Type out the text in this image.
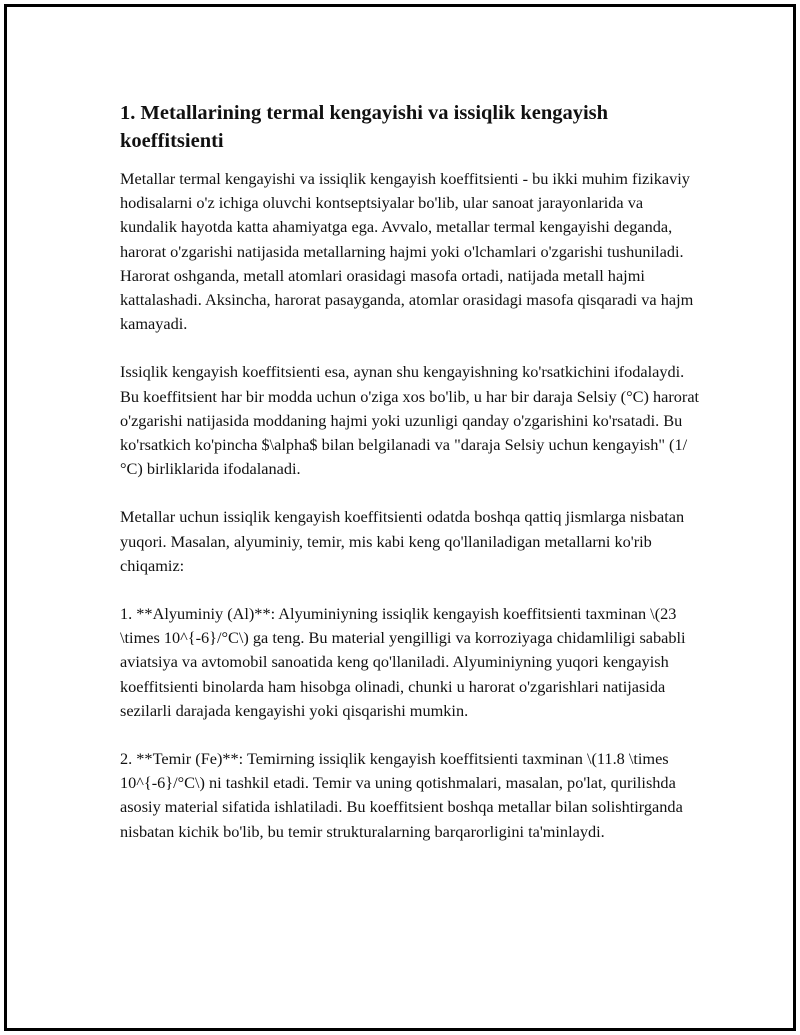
1. Metallarining termal kengayishi va issiqlik kengayish koeffitsienti

Metallar termal kengayishi va issiqlik kengayish koeffitsienti - bu ikki muhim fizikaviy hodisalarni o'z ichiga oluvchi kontseptsiyalar bo'lib, ular sanoat jarayonlarida va kundalik hayotda katta ahamiyatga ega. Avvalo, metallar termal kengayishi deganda, harorat o'zgarishi natijasida metallarning hajmi yoki o'lchamlari o'zgarishi tushuniladi. Harorat oshganda, metall atomlari orasidagi masofa ortadi, natijada metall hajmi kattalashadi. Aksincha, harorat pasayganda, atomlar orasidagi masofa qisqaradi va hajm kamayadi.

Issiqlik kengayish koeffitsienti esa, aynan shu kengayishning ko'rsatkichini ifodalaydi. Bu koeffitsient har bir modda uchun o'ziga xos bo'lib, u har bir daraja Selsiy (°C) harorat o'zgarishi natijasida moddaning hajmi yoki uzunligi qanday o'zgarishini ko'rsatadi. Bu ko'rsatkich ko'pincha $\alpha$ bilan belgilanadi va "daraja Selsiy uchun kengayish" (1/°C) birliklarida ifodalanadi.

Metallar uchun issiqlik kengayish koeffitsienti odatda boshqa qattiq jismlarga nisbatan yuqori. Masalan, alyuminiy, temir, mis kabi keng qo'llaniladigan metallarni ko'rib chiqamiz:

1. **Alyuminiy (Al)**: Alyuminiyning issiqlik kengayish koeffitsienti taxminan \(23 \times 10^{-6}/°C\) ga teng. Bu material yengilligi va korroziyaga chidamliligi sababli aviatsiya va avtomobil sanoatida keng qo'llaniladi. Alyuminiyning yuqori kengayish koeffitsienti binolarda ham hisobga olinadi, chunki u harorat o'zgarishlari natijasida sezilarli darajada kengayishi yoki qisqarishi mumkin.

2. **Temir (Fe)**: Temirning issiqlik kengayish koeffitsienti taxminan \(11.8 \times 10^{-6}/°C\) ni tashkil etadi. Temir va uning qotishmalari, masalan, po'lat, qurilishda asosiy material sifatida ishlatiladi. Bu koeffitsient boshqa metallar bilan solishtirganda nisbatan kichik bo'lib, bu temir strukturalarning barqarorligini ta'minlaydi.
